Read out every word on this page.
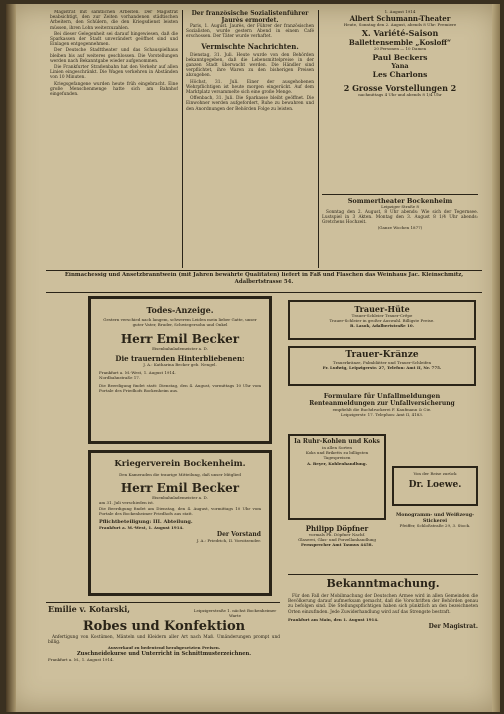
Magistrat mit sämtlichen Arbeiten. Der Magistrat beabsichtigt, den zur Zeiten vorhandenen städtischen Arbeitern, den Schülern, die den Kriegsdienst leisten müssen, ihren Lohn weiterzuzahlen.

Bei dieser Gelegenheit sei darauf hingewiesen, daß die Sparkassen der Stadt unverändert geöffnet sind und Einlagen entgegennehmen.

Der Deutsche Stadttheater und das Schauspielhaus bleiben bis auf weiteres geschlossen. Die Vorstellungen werden nach Bekanntgabe wieder aufgenommen.

Die Frankfurter Straßenbahn hat den Verkehr auf allen Linien eingeschränkt. Die Wagen verkehren in Abständen von 10 Minuten.

Kriegsgefangene wurden heute früh eingebracht. Eine große Menschenmenge hatte sich am Bahnhof eingefunden.

Der französische Sozialistenführer Jaurès ermordet.

Paris, 1. August. Jaurès, der Führer der französischen Sozialisten, wurde gestern Abend in einem Café erschossen. Der Täter wurde verhaftet.

Vermischte Nachrichten.

Dienstag, 31. Juli. Heute wurde von den Behörden bekanntgegeben, daß die Lebensmittelpreise in der ganzen Stadt überwacht werden. Die Händler sind verpflichtet, ihre Waren zu den bisherigen Preisen abzugeben.

Höchst, 31. Juli. Einer der ausgehobenen Wehrpflichtigen ist heute morgen eingerückt. Auf dem Marktplatz versammelte sich eine große Menge.

Offenbach, 31. Juli. Die Sparkasse bleibt geöffnet. Die Einwohner werden aufgefordert, Ruhe zu bewahren und den Anordnungen der Behörden Folge zu leisten.

1. August 1914
Albert Schumann-Theater
Heute, Sonntag den 2. August, abends 8 Uhr: Premiere
X. Variété-Saison
Ballettensemble „Kosloff“
20 Personen — 10 Damen
Paul Beckers
Yana
Les Charlons
2 Grosse Vorstellungen 2
nachmittags 4 Uhr und abends 8 1/4 Uhr
Sommertheater Bockenheim
Leipziger Straße 8

Sonntag den 2. August, 8 Uhr abends: Wie sich der Tegernsee. Lustspiel in 3 Akten. Montag den 3. August 8 1/4 Uhr abends: Gretchens Hochzeit.

(Ganze Wochen 1877)
Einmachessig und Ansetzbranntwein (mit Jahren bewährte Qualitäten) liefert in Faß und Flaschen das Weinhaus Jac. Kleinschmitz, Adalbertstrasse 54.
Todes-Anzeige.
Gestern verschied nach langem, schwerem Leiden mein lieber Gatte, unser guter Vater, Bruder, Schwiegersohn und Onkel
Herr Emil Becker
Eisenbahnlademeister a. D.
Die trauernden Hinterbliebenen:
J. A.: Katharina Becker geb. Nengel.
Frankfurt a. M.-West, 1. August 1914.
Nordbahnstraße 17.
Die Beerdigung findet statt: Dienstag, den 4. August, vormittags 10 Uhr vom Portale des Friedhofs Bockenheim aus.
Kriegerverein Bockenheim.
Den Kameraden die traurige Mitteilung, daß unser Mitglied
Herr Emil Becker
Eisenbahnlademeister a. D.
am 31. Juli verschieden ist.
Die Beerdigung findet am Dienstag, den 4. August, vormittags 10 Uhr vom Portale des Bockenheimer Friedhofs aus statt.
Pflichtbeteiligung: III. Abteilung.
Frankfurt a. M.-West, 1. August 1914.
Der Vorstand
J. A.: Friedrich, II. Vorsitzender.
Trauer-Hüte
Trauer-Schleier Trauer-Crêpe
Trauer-Schleier in großer Auswahl. Billigste Preise.
B. Lasok, Adalbertstraße 10.
Trauer-Kränze
Trauerkränze, Palmblätter und Trauer-Schleifen
Fr. Ludwig, Leipzigerstr. 27, Telefon: Amt II, Nr. 775.
Formulare für Unfallmeldungen
Renteanmeldungen zur Unfallversicherung
empfiehlt die Buchdruckerei F. Kaufmann & Cie.
Leipzigerstr. 17. Telephon: Amt II, 4183.
Ia Ruhr-Kohlen und Koks
in allen Sorten
Koks und Briketts zu billigsten Tagespreisen
A. Beyer, Kohlenhandlung.
Von der Reise zurück
Dr. Loewe.
Monogramm- und Weißzeug-Stickerei
Pfeiffer, Schloßstraße 29, 3. Stock.
Philipp Döpfner
vormals Ph. Döpfner Nachf.
Glaserei, Glas- und Porzellanhandlung
Fernsprecher Amt Taunus 4458.
Bekanntmachung.

Für den Fall der Mobilmachung der Deutschen Armee wird in allen Gemeinden die Bevölkerung darauf aufmerksam gemacht, daß die Vorschriften der Behörden genau zu befolgen sind. Die Stellungspflichtigen haben sich pünktlich an den bezeichneten Orten einzufinden. Jede Zuwiderhandlung wird auf das Strengste bestraft.

Frankfurt am Main, den 1. August 1914.
Der Magistrat.
Emilie v. Kotarski,	Leipzigerstraße 1. nächst Bockenheimer Warte
Robes und Konfektion

Anfertigung von Kostümen, Mänteln und Kleidern aller Art nach Maß. Umänderungen prompt und billig.

Ausverkauf zu bedeutend herabgesetzten Preisen.
Zuschneidekurse und Unterricht in Schnittmusterzeichnen.
Frankfurt a. M., 1. August 1914.
